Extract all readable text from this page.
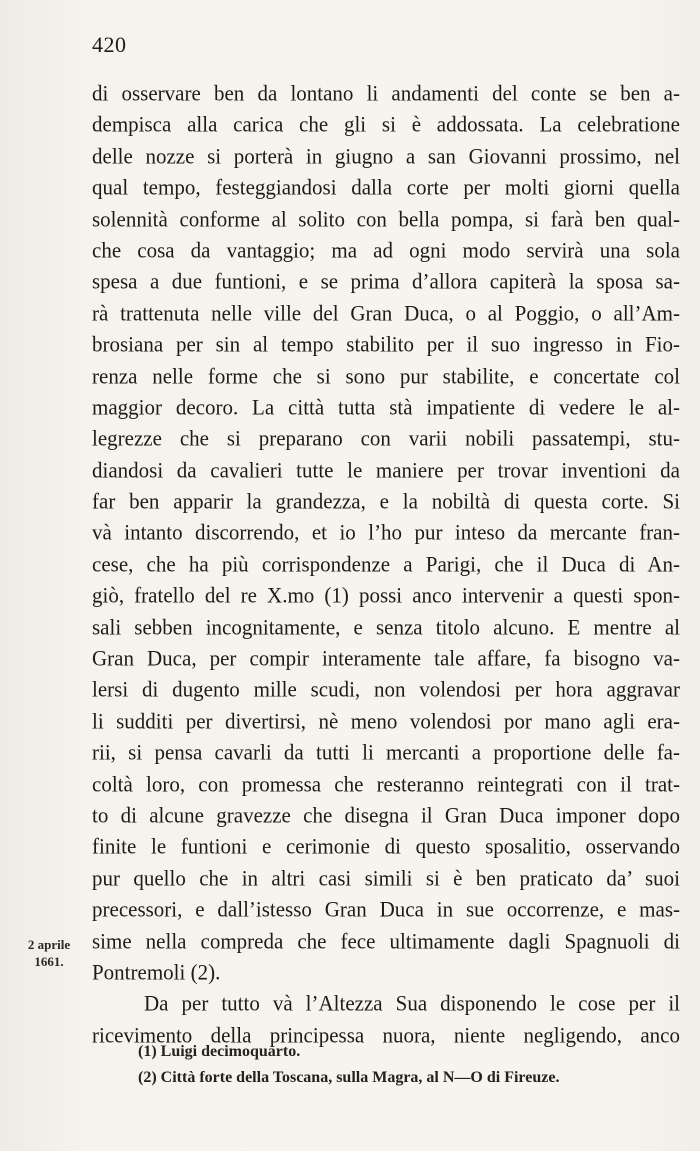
420
di osservare ben da lontano li andamenti del conte se ben a-
dempisca alla carica che gli si è addossata. La celebratione
delle nozze si porterà in giugno a san Giovanni prossimo, nel
qual tempo, festeggiandosi dalla corte per molti giorni quella
solennità conforme al solito con bella pompa, si farà ben qual-
che cosa da vantaggio; ma ad ogni modo servirà una sola
spesa a due funtioni, e se prima d’allora capiterà la sposa sa-
rà trattenuta nelle ville del Gran Duca, o al Poggio, o all’Am-
brosiana per sin al tempo stabilito per il suo ingresso in Fio-
renza nelle forme che si sono pur stabilite, e concertate col
maggior decoro. La città tutta stà impatiente di vedere le al-
legrezze che si preparano con varii nobili passatempi, stu-
diandosi da cavalieri tutte le maniere per trovar inventioni da
far ben apparir la grandezza, e la nobiltà di questa corte. Si
và intanto discorrendo, et io l’ho pur inteso da mercante fran-
cese, che ha più corrispondenze a Parigi, che il Duca di An-
giò, fratello del re X.mo (1) possi anco intervenir a questi spon-
sali sebben incognitamente, e senza titolo alcuno. E mentre al
Gran Duca, per compir interamente tale affare, fa bisogno va-
lersi di dugento mille scudi, non volendosi per hora aggravar
li sudditi per divertirsi, nè meno volendosi por mano agli era-
rii, si pensa cavarli da tutti li mercanti a proportione delle fa-
coltà loro, con promessa che resteranno reintegrati con il trat-
to di alcune gravezze che disegna il Gran Duca imponer dopo
finite le funtioni e cerimonie di questo sposalitio, osservando
pur quello che in altri casi simili si è ben praticato da’ suoi
precessori, e dall’istesso Gran Duca in sue occorrenze, e mas-
sime nella compreda che fece ultimamente dagli Spagnuoli di
Pontremoli (2).
Da per tutto và l’Altezza Sua disponendo le cose per il
ricevimento della principessa nuora, niente negligendo, anco
2 aprile
1661.
(1) Luigi decimoquarto.
(2) Città forte della Toscana, sulla Magra, al N—O di Fireuze.
